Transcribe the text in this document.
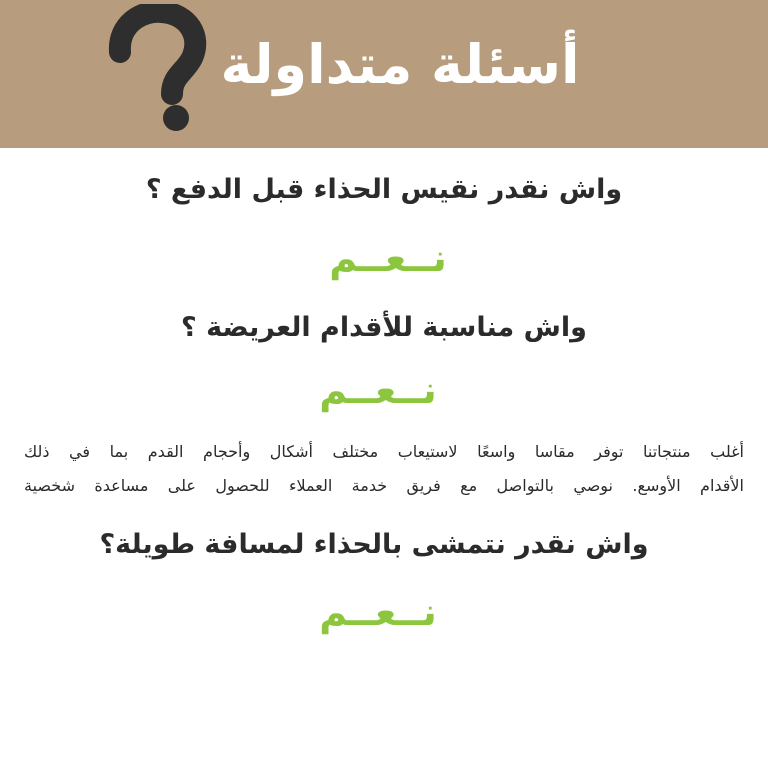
أسئلة متداولة
واش نقدر نقيس الحذاء قبل الدفع ؟
نــعــم
واش مناسبة للأقدام العريضة ؟
نــعــم
أغلب منتجاتنا توفر مقاسا واسعًا لاستيعاب مختلف أشكال وأحجام القدم بما في ذلك
الأقدام الأوسع. نوصي بالتواصل مع فريق خدمة العملاء للحصول على مساعدة شخصية
واش نقدر نتمشى بالحذاء لمسافة طويلة؟
نــعــم
